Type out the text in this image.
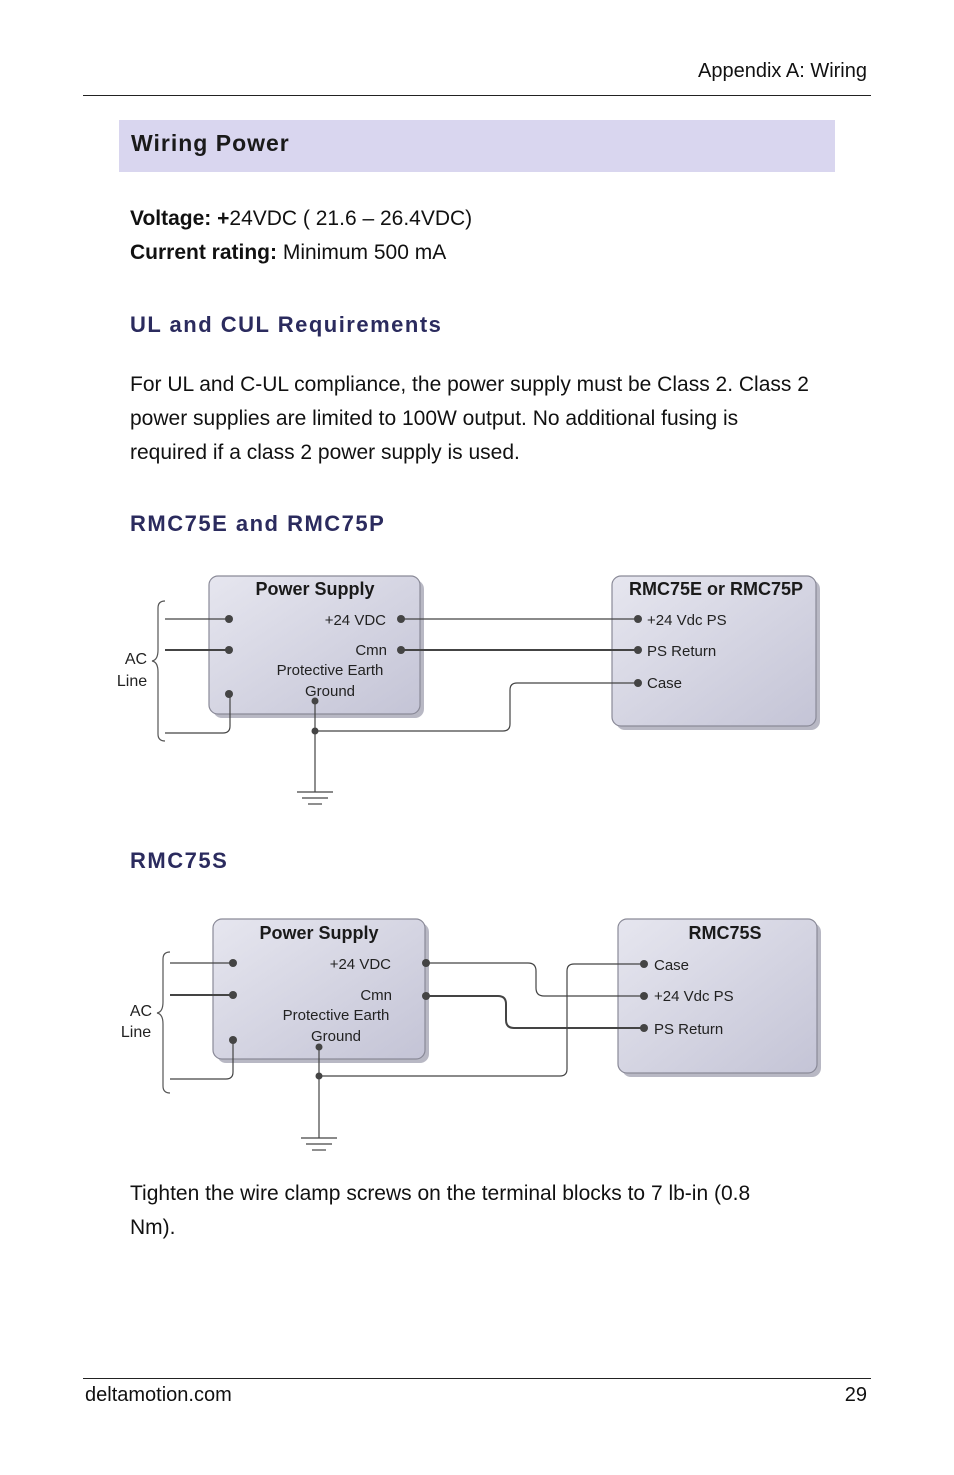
Appendix A: Wiring
Wiring Power
Voltage: +24VDC ( 21.6 – 26.4VDC)
Current rating: Minimum 500 mA
UL and CUL Requirements
For UL and C-UL compliance, the power supply must be Class 2. Class 2
power supplies are limited to 100W output. No additional fusing is
required if a class 2 power supply is used.
RMC75E and RMC75P
AC
Line
Power Supply
+24 VDC
Cmn
Protective Earth
Ground
RMC75E or RMC75P
+24 Vdc PS
PS Return
Case
RMC75S
AC
Line
Power Supply
+24 VDC
Cmn
Protective Earth
Ground
RMC75S
Case
+24 Vdc PS
PS Return
Tighten the wire clamp screws on the terminal blocks to 7 lb-in (0.8
Nm).
deltamotion.com	29
